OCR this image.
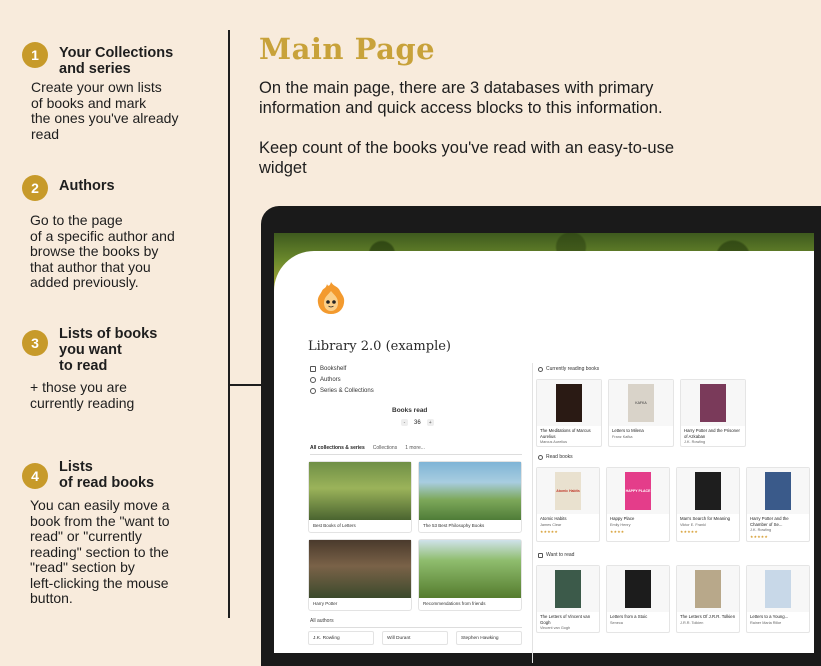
1	Your Collections
and series
Create your own lists
of books and mark
the ones you've already
read
2	Authors
Go to the page
of a specific author and
browse the books by
that author that you
added previously.
3
Lists of books
you want
to read
+ those you are
currently reading
4
Lists
of read books
You can easily move a
book from the "want to
read" or "currently
reading" section to the
"read" section by
left-clicking the mouse
button.
Main Page
On the main page, there are 3 databases with primary
information and quick access blocks to this information.

Keep count of the books you've read with an easy-to-use
widget
Library 2.0 (example)
Bookshelf
Authors
Series & Collections
Books read
-	36	+
All collections & series Collections 1 more...
Best Books of Letters	The 53 Best Philosophy Books
Harry Potter	Recommendations from friends
All authors
J.K. Rowling	Will Durant	Stephen Hawking
Currently reading books
The Meditations of Marcus Aurelius
Marcus Aurelius
KAFKA
Letters to Milena
Franz Kafka
Harry Potter and the Prisoner of Azkaban
J.K. Rowling
Read books
Atomic Habits
Atomic Habits
James Clear
★★★★★
HAPPY PLACE
Happy Place
Emily Henry
★★★★
Man's Search for Meaning
Viktor E. Frankl
★★★★★
Harry Potter and the Chamber of Se...
J.K. Rowling
★★★★★
Want to read
The Letters of Vincent van Gogh
Vincent van Gogh
Letters from a Stoic
Seneca
The Letters Of J.R.R. Tolkien
J.R.R. Tolkien
Letters to a Young...
Rainer Maria Rilke
